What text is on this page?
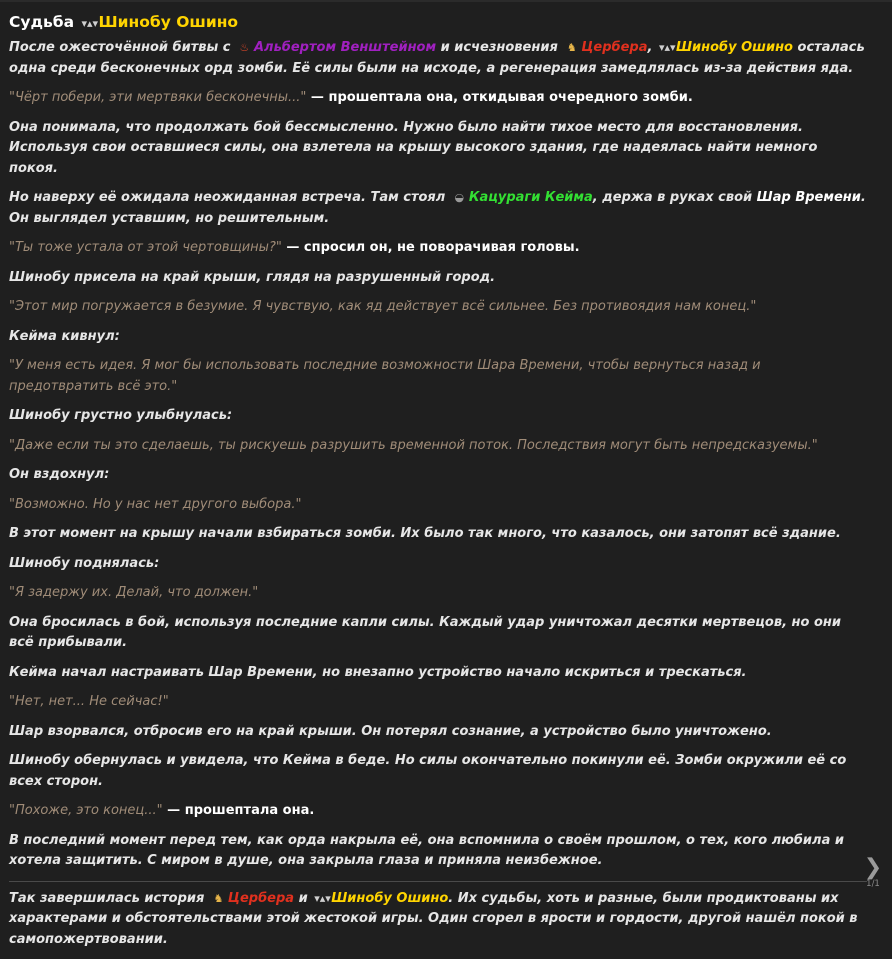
Судьба ▾▴▾Шинобу Ошино

После ожесточённой битвы с ♨ Альбертом Венштейном и исчезновения ♞ Цербера, ▾▴▾Шинобу Ошино осталась одна среди бесконечных орд зомби. Её силы были на исходе, а регенерация замедлялась из-за действия яда.

"Чёрт побери, эти мертвяки бесконечны..." — прошептала она, откидывая очередного зомби.

Она понимала, что продолжать бой бессмысленно. Нужно было найти тихое место для восстановления. Используя свои оставшиеся силы, она взлетела на крышу высокого здания, где надеялась найти немного покоя.

Но наверху её ожидала неожиданная встреча. Там стоял ◒ Кацураги Кейма, держа в руках свой Шар Времени. Он выглядел уставшим, но решительным.

"Ты тоже устала от этой чертовщины?" — спросил он, не поворачивая головы.

Шинобу присела на край крыши, глядя на разрушенный город.

"Этот мир погружается в безумие. Я чувствую, как яд действует всё сильнее. Без противоядия нам конец."

Кейма кивнул:

"У меня есть идея. Я мог бы использовать последние возможности Шара Времени, чтобы вернуться назад и предотвратить всё это."

Шинобу грустно улыбнулась:

"Даже если ты это сделаешь, ты рискуешь разрушить временной поток. Последствия могут быть непредсказуемы."

Он вздохнул:

"Возможно. Но у нас нет другого выбора."

В этот момент на крышу начали взбираться зомби. Их было так много, что казалось, они затопят всё здание.

Шинобу поднялась:

"Я задержу их. Делай, что должен."

Она бросилась в бой, используя последние капли силы. Каждый удар уничтожал десятки мертвецов, но они всё прибывали.

Кейма начал настраивать Шар Времени, но внезапно устройство начало искриться и трескаться.

"Нет, нет... Не сейчас!"

Шар взорвался, отбросив его на край крыши. Он потерял сознание, а устройство было уничтожено.

Шинобу обернулась и увидела, что Кейма в беде. Но силы окончательно покинули её. Зомби окружили её со всех сторон.

"Похоже, это конец..." — прошептала она.

В последний момент перед тем, как орда накрыла её, она вспомнила о своём прошлом, о тех, кого любила и хотела защитить. С миром в душе, она закрыла глаза и приняла неизбежное.

Так завершилась история ♞ Цербера и ▾▴▾Шинобу Ошино. Их судьбы, хоть и разные, были продиктованы их характерами и обстоятельствами этой жестокой игры. Один сгорел в ярости и гордости, другой нашёл покой в самопожертвовании.

❯
1/1
